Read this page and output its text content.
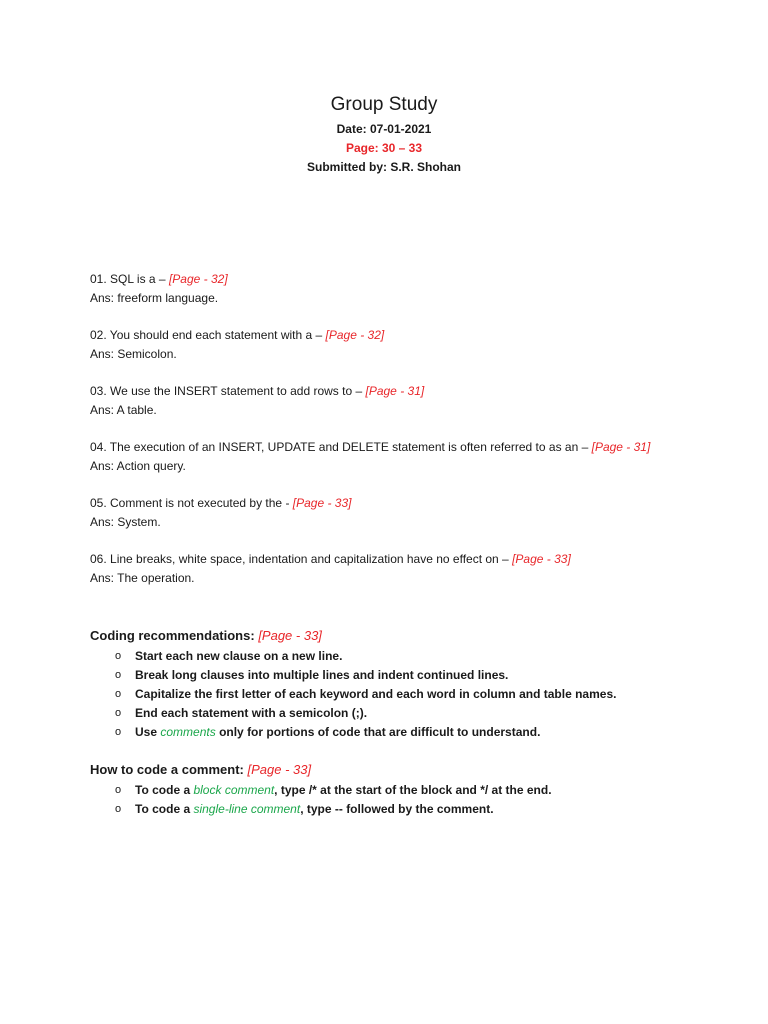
Group Study

Date: 07-01-2021

Page: 30 – 33

Submitted by: S.R. Shohan

01. SQL is a – [Page - 32]

Ans: freeform language.

02. You should end each statement with a – [Page - 32]

Ans: Semicolon.

03. We use the INSERT statement to add rows to – [Page - 31]

Ans: A table.

04. The execution of an INSERT, UPDATE and DELETE statement is often referred to as an – [Page - 31]

Ans: Action query.

05. Comment is not executed by the - [Page - 33]

Ans: System.

06. Line breaks, white space, indentation and capitalization have no effect on – [Page - 33]

Ans: The operation.

Coding recommendations: [Page - 33]
o Start each new clause on a new line.
o Break long clauses into multiple lines and indent continued lines.
o Capitalize the first letter of each keyword and each word in column and table names.
o End each statement with a semicolon (;).
o Use comments only for portions of code that are difficult to understand.
How to code a comment: [Page - 33]
o To code a block comment, type /* at the start of the block and */ at the end.
o To code a single-line comment, type -- followed by the comment.
